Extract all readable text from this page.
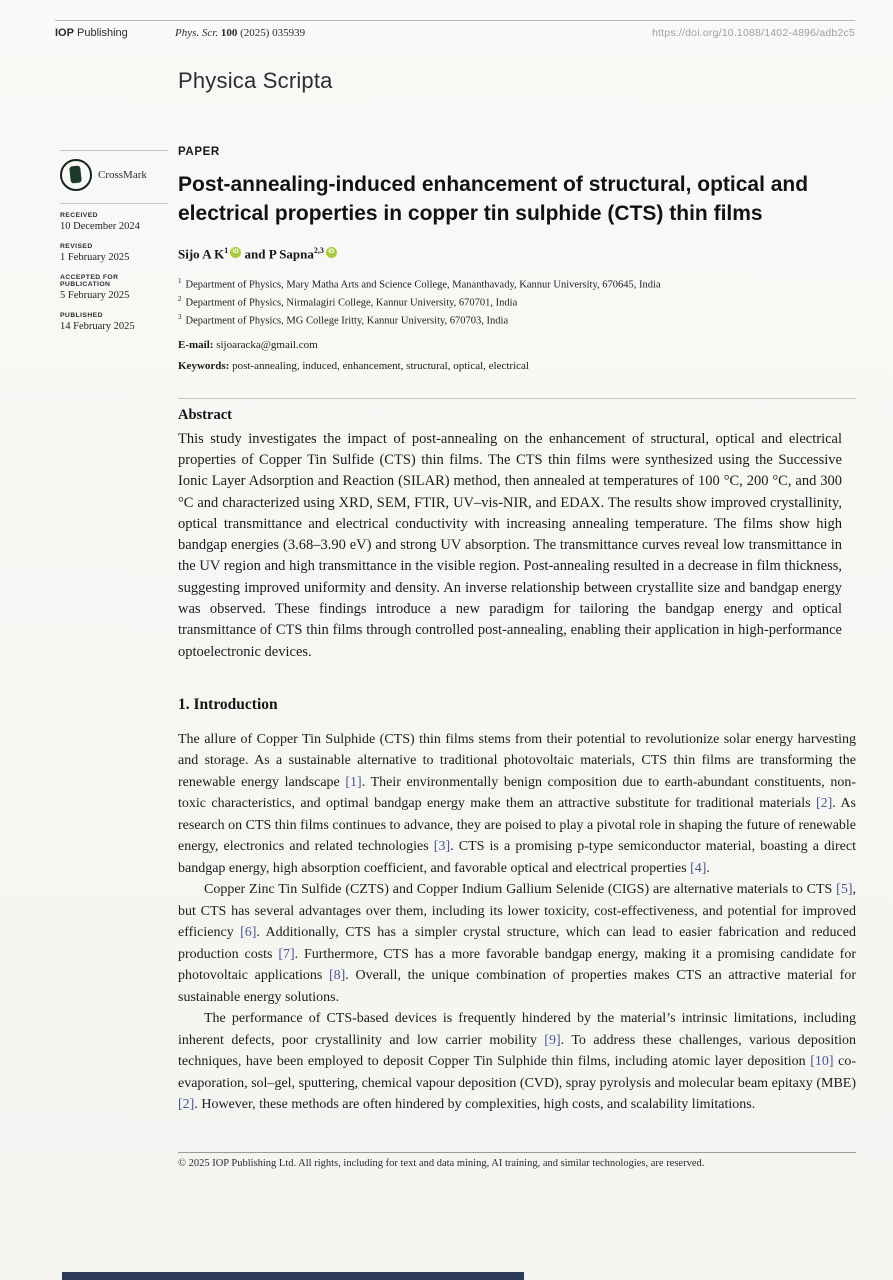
IOP Publishing	Phys. Scr. 100 (2025) 035939	https://doi.org/10.1088/1402-4896/adb2c5
Physica Scripta
CrossMark
RECEIVED
10 December 2024
REVISED
1 February 2025
ACCEPTED FOR PUBLICATION
5 February 2025
PUBLISHED
14 February 2025
PAPER
Post-annealing-induced enhancement of structural, optical and electrical properties in copper tin sulphide (CTS) thin films
Sijo A $K^1$ iD and P Sapna$^{2,3}$ iD
$^1$ Department of Physics, Mary Matha Arts and Science College, Mananthavady, Kannur University, 670645, India
$^2$ Department of Physics, Nirmalagiri College, Kannur University, 670701, India
$^3$ Department of Physics, MG College Iritty, Kannur University, 670703, India
E-mail: sijoaracka@gmail.com
Keywords: post-annealing, induced, enhancement, structural, optical, electrical
Abstract
This study investigates the impact of post-annealing on the enhancement of structural, optical and electrical properties of Copper Tin Sulfide (CTS) thin films. The CTS thin films were synthesized using the Successive Ionic Layer Adsorption and Reaction (SILAR) method, then annealed at temperatures of 100 °C, 200 °C, and 300 °C and characterized using XRD, SEM, FTIR, UV–vis-NIR, and EDAX. The results show improved crystallinity, optical transmittance and electrical conductivity with increasing annealing temperature. The films show high bandgap energies (3.68–3.90 eV) and strong UV absorption. The transmittance curves reveal low transmittance in the UV region and high transmittance in the visible region. Post-annealing resulted in a decrease in film thickness, suggesting improved uniformity and density. An inverse relationship between crystallite size and bandgap energy was observed. These findings introduce a new paradigm for tailoring the bandgap energy and optical transmittance of CTS thin films through controlled post-annealing, enabling their application in high-performance optoelectronic devices.
1. Introduction

The allure of Copper Tin Sulphide (CTS) thin films stems from their potential to revolutionize solar energy harvesting and storage. As a sustainable alternative to traditional photovoltaic materials, CTS thin films are transforming the renewable energy landscape [1]. Their environmentally benign composition due to earth-abundant constituents, non-toxic characteristics, and optimal bandgap energy make them an attractive substitute for traditional materials [2]. As research on CTS thin films continues to advance, they are poised to play a pivotal role in shaping the future of renewable energy, electronics and related technologies [3]. CTS is a promising p-type semiconductor material, boasting a direct bandgap energy, high absorption coefficient, and favorable optical and electrical properties [4].

Copper Zinc Tin Sulfide (CZTS) and Copper Indium Gallium Selenide (CIGS) are alternative materials to CTS [5], but CTS has several advantages over them, including its lower toxicity, cost-effectiveness, and potential for improved efficiency [6]. Additionally, CTS has a simpler crystal structure, which can lead to easier fabrication and reduced production costs [7]. Furthermore, CTS has a more favorable bandgap energy, making it a promising candidate for photovoltaic applications [8]. Overall, the unique combination of properties makes CTS an attractive material for sustainable energy solutions.

The performance of CTS-based devices is frequently hindered by the material’s intrinsic limitations, including inherent defects, poor crystallinity and low carrier mobility [9]. To address these challenges, various deposition techniques, have been employed to deposit Copper Tin Sulphide thin films, including atomic layer deposition [10] co-evaporation, sol–gel, sputtering, chemical vapour deposition (CVD), spray pyrolysis and molecular beam epitaxy (MBE) [2]. However, these methods are often hindered by complexities, high costs, and scalability limitations.

© 2025 IOP Publishing Ltd. All rights, including for text and data mining, AI training, and similar technologies, are reserved.
